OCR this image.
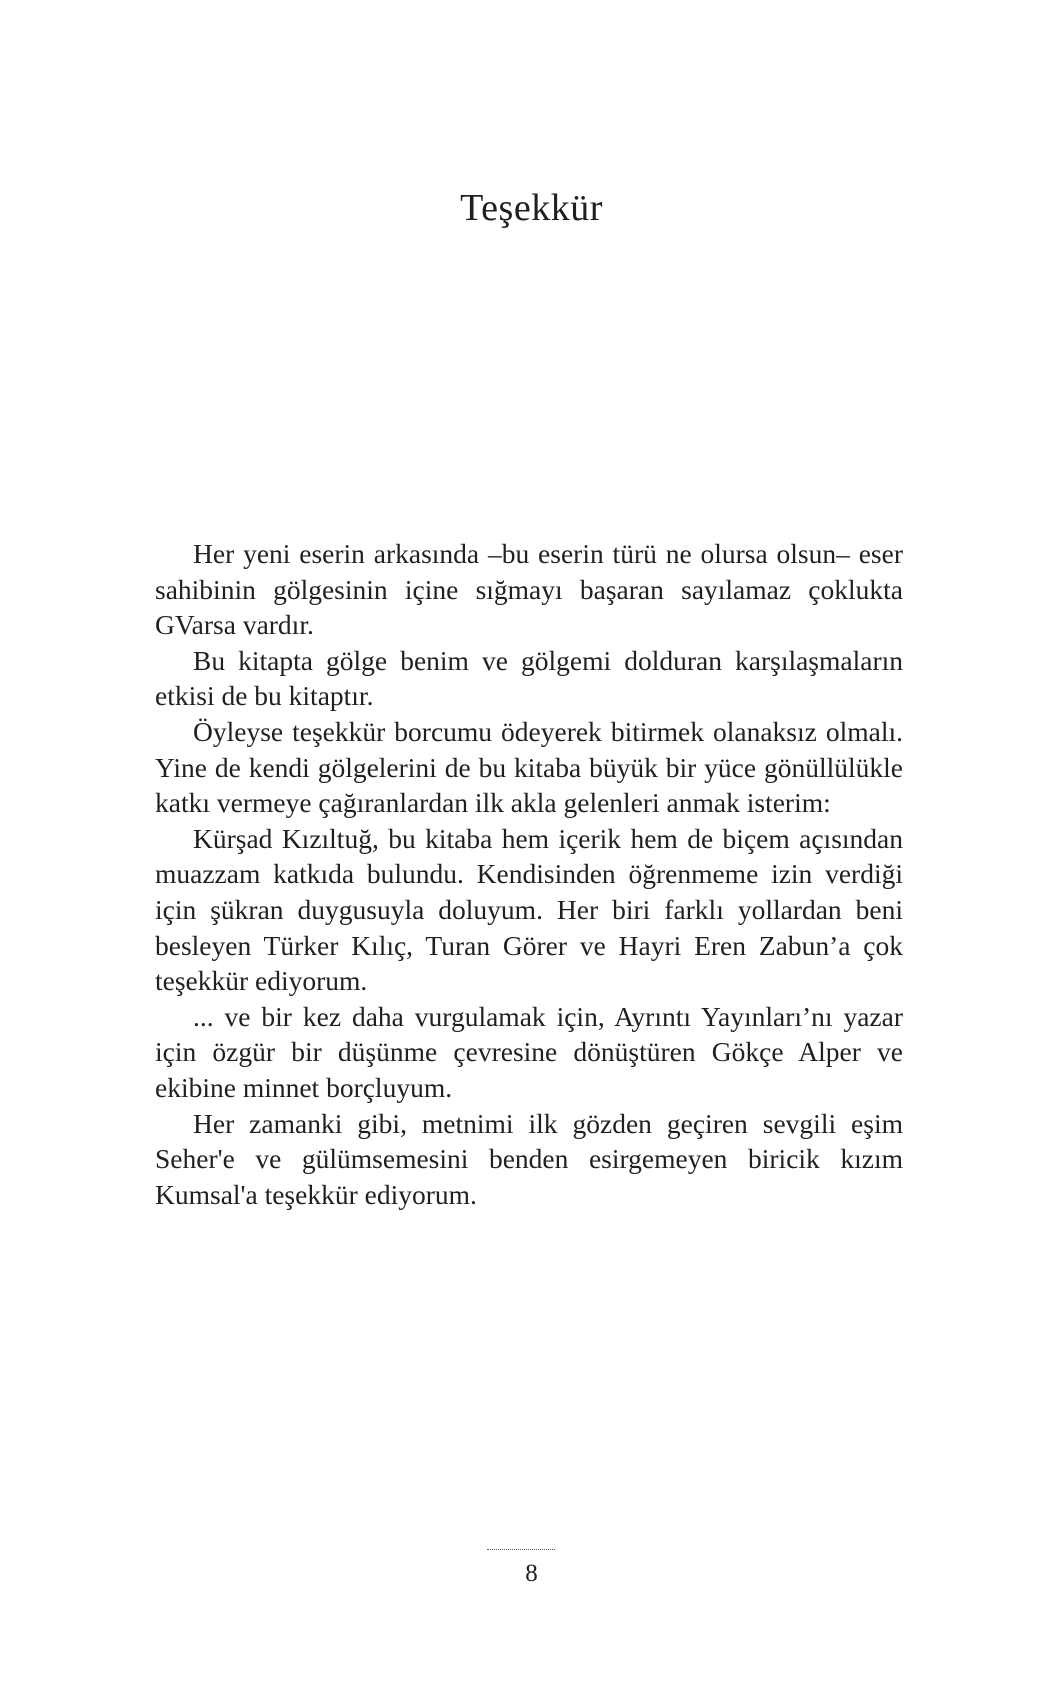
Teşekkür

Her yeni eserin arkasında –bu eserin türü ne olursa olsun– eser sahibinin gölgesinin içine sığmayı başaran sayılamaz çoklukta GVarsa vardır.

Bu kitapta gölge benim ve gölgemi dolduran karşılaşmaların etkisi de bu kitaptır.

Öyleyse teşekkür borcumu ödeyerek bitirmek olanaksız olmalı. Yine de kendi gölgelerini de bu kitaba büyük bir yüce gönüllülükle katkı vermeye çağıranlardan ilk akla gelenleri anmak isterim:

Kürşad Kızıltuğ, bu kitaba hem içerik hem de biçem açısından muazzam katkıda bulundu. Kendisinden öğrenmeme izin verdiği için şükran duygusuyla doluyum. Her biri farklı yollardan beni besleyen Türker Kılıç, Turan Görer ve Hayri Eren Zabun’a çok teşekkür ediyorum.

... ve bir kez daha vurgulamak için, Ayrıntı Yayınları’nı yazar için özgür bir düşünme çevresine dönüştüren Gökçe Alper ve ekibine minnet borçluyum.

Her zamanki gibi, metnimi ilk gözden geçiren sevgili eşim Seher'e ve gülümsemesini benden esirgemeyen biricik kızım Kumsal'a teşekkür ediyorum.

8
